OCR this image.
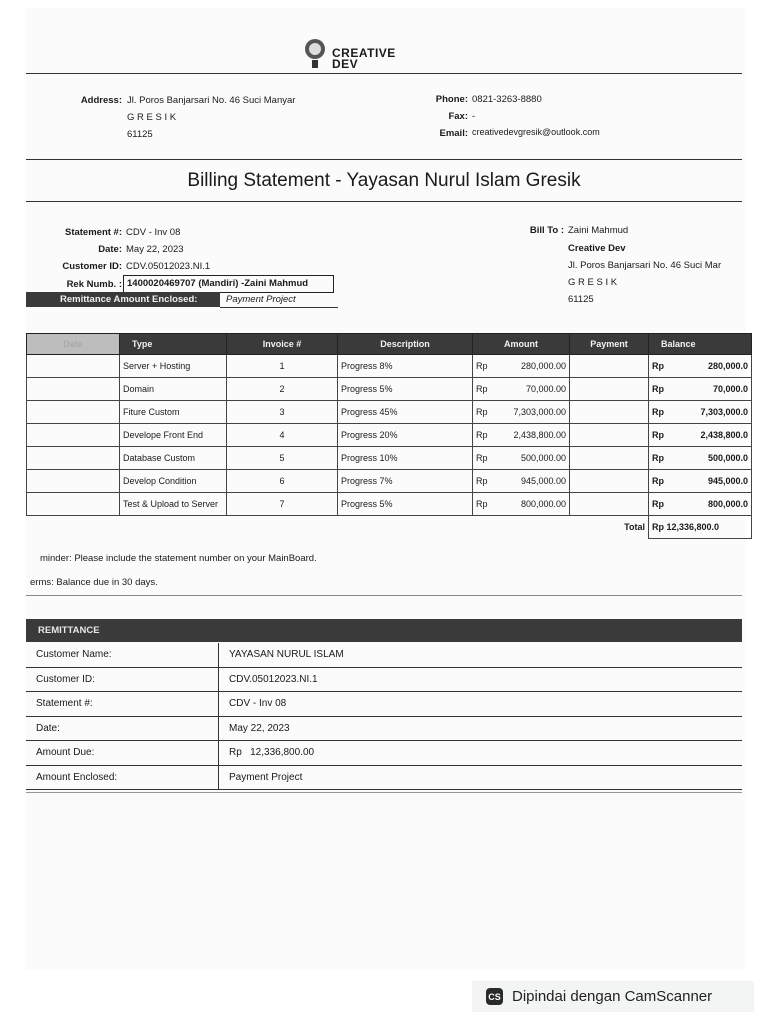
CREATIVE
DEV
Address: Jl. Poros Banjarsari No. 46 Suci Manyar
G R E S I K
61125
Phone: 0821-3263-8880
Fax: -
Email: creativedevgresik@outlook.com
Billing Statement - Yayasan Nurul Islam Gresik
Statement #: CDV - Inv 08
Date: May 22, 2023
Customer ID: CDV.05012023.NI.1
Rek Numb. : 1400020469707 (Mandiri) -Zaini Mahmud
Remittance Amount Enclosed:	Payment Project
Bill To : Zaini Mahmud
Creative Dev
Jl. Poros Banjarsari No. 46 Suci Mar
G R E S I K
61125
Date	Type	Invoice #	Description	Amount	Payment	Balance
	Server + Hosting	1	Progress 8%	Rp 280,000.00		Rp 280,000.0

	Domain	2	Progress 5%	Rp 70,000.00		Rp 70,000.0

	Fiture Custom	3	Progress 45%	Rp 7,303,000.00		Rp 7,303,000.0

	Develope Front End	4	Progress 20%	Rp 2,438,800.00		Rp 2,438,800.0

	Database Custom	5	Progress 10%	Rp 500,000.00		Rp 500,000.0

	Develop Condition	6	Progress 7%	Rp 945,000.00		Rp 945,000.0

	Test & Upload to Server	7	Progress 5%	Rp 800,000.00		Rp 800,000.0

					Total	Rp 12,336,800.0
minder: Please include the statement number on your MainBoard.
erms: Balance due in 30 days.
REMITTANCE
Customer Name:	YAYASAN NURUL ISLAM
Customer ID:	CDV.05012023.NI.1
Statement #:	CDV - Inv 08
Date:	May 22, 2023
Amount Due:	Rp   12,336,800.00
Amount Enclosed:	Payment Project
CS Dipindai dengan CamScanner
